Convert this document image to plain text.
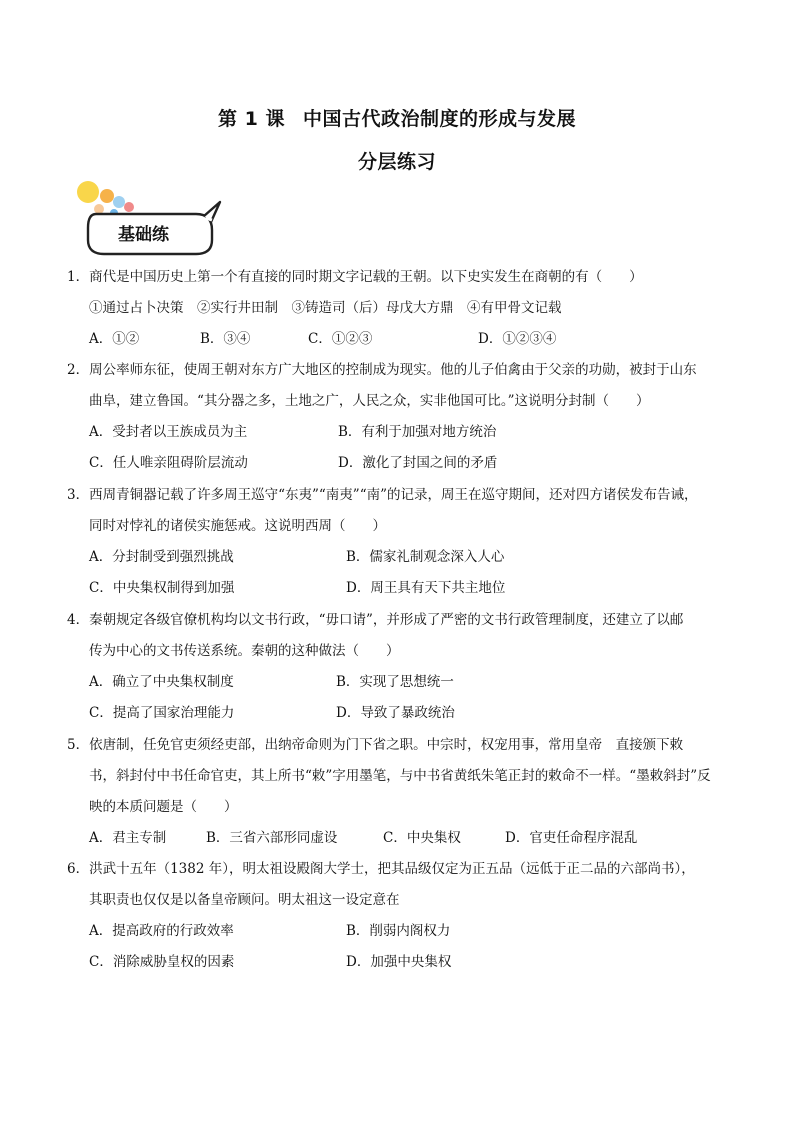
第 1 课 中国古代政治制度的形成与发展
分层练习
基础练
1．商代是中国历史上第一个有直接的同时期文字记载的王朝。以下史实发生在商朝的有（　　）
①通过占卜决策　②实行井田制　③铸造司（后）母戊大方鼎　④有甲骨文记载
A．①②	B．③④	C．①②③	D．①②③④
2．周公率师东征，使周王朝对东方广大地区的控制成为现实。他的儿子伯禽由于父亲的功勋，被封于山东
曲阜，建立鲁国。“其分器之多，土地之广，人民之众，实非他国可比。”这说明分封制（　　）
A．受封者以王族成员为主	B．有利于加强对地方统治
C．任人唯亲阻碍阶层流动	D．激化了封国之间的矛盾
3．西周青铜器记载了许多周王巡守“东夷”“南夷”“南”的记录，周王在巡守期间，还对四方诸侯发布告诫，
同时对悖礼的诸侯实施惩戒。这说明西周（　　）
A．分封制受到强烈挑战	B．儒家礼制观念深入人心
C．中央集权制得到加强	D．周王具有天下共主地位
4．秦朝规定各级官僚机构均以文书行政，“毋口请”，并形成了严密的文书行政管理制度，还建立了以邮
传为中心的文书传送系统。秦朝的这种做法（　　）
A．确立了中央集权制度	B．实现了思想统一
C．提高了国家治理能力	D．导致了暴政统治
5．依唐制，任免官吏须经吏部，出纳帝命则为门下省之职。中宗时，权宠用事，常用皇帝　直接颁下敕
书，斜封付中书任命官吏，其上所书“敕”字用墨笔，与中书省黄纸朱笔正封的敕命不一样。“墨敕斜封”反
映的本质问题是（　　）
A．君主专制	B．三省六部形同虚设	C．中央集权	D．官吏任命程序混乱
6．洪武十五年（1382 年），明太祖设殿阁大学士，把其品级仅定为正五品（远低于正二品的六部尚书），
其职责也仅仅是以备皇帝顾问。明太祖这一设定意在
A．提高政府的行政效率	B．削弱内阁权力
C．消除威胁皇权的因素	D．加强中央集权
